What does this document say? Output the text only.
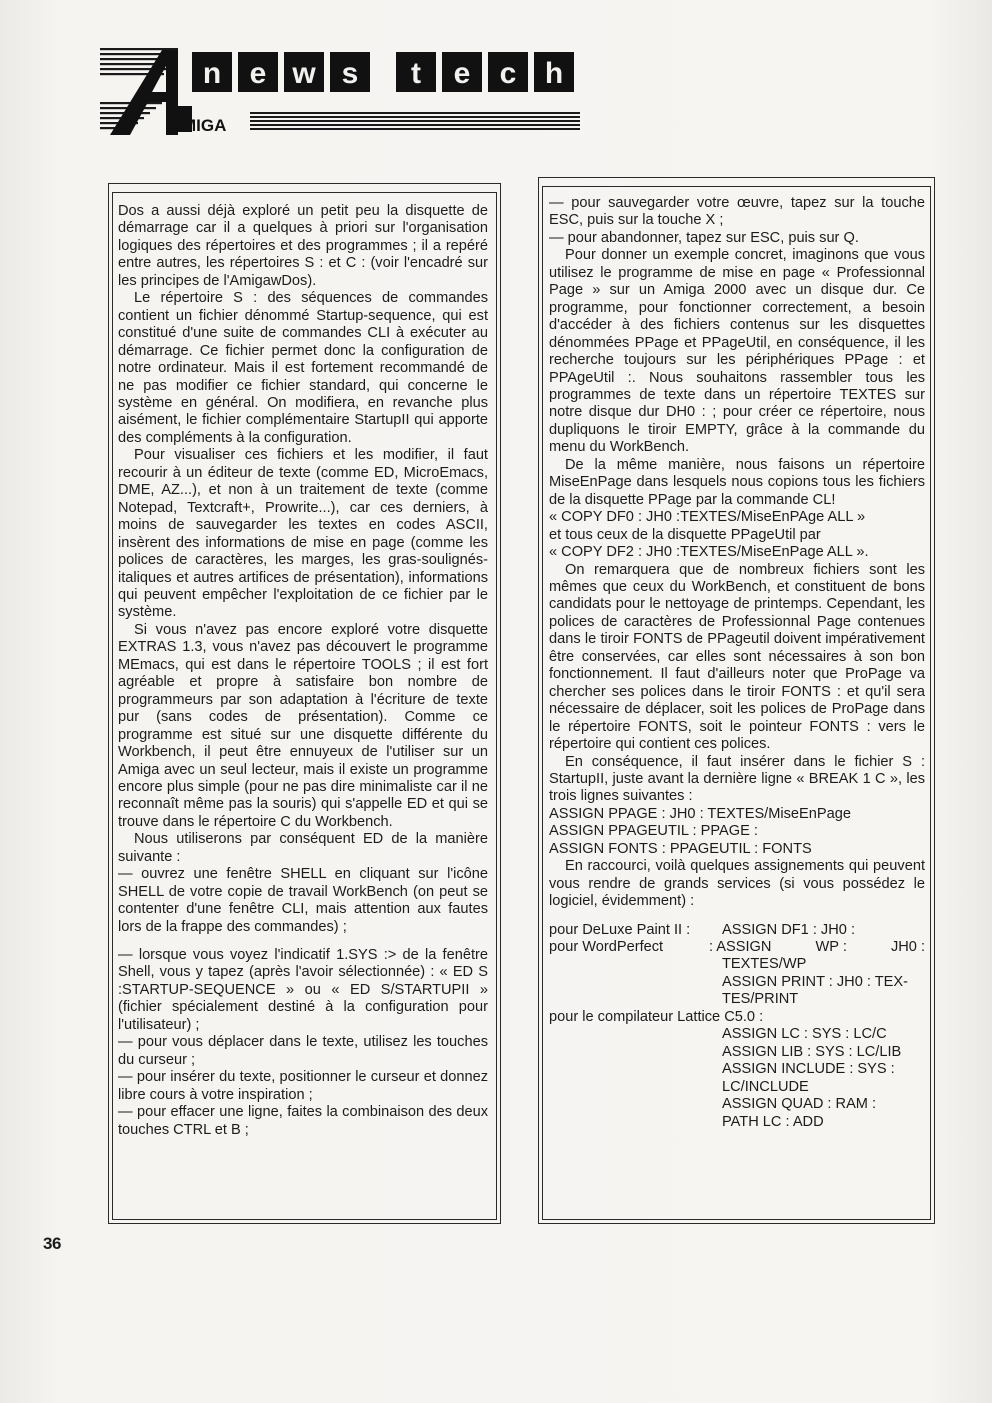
MIGA
n e w s t e c h

Dos a aussi déjà exploré un petit peu la disquette de démarrage car il a quelques à priori sur l'organisation logiques des répertoires et des programmes ; il a repéré entre autres, les répertoires S : et C : (voir l'encadré sur les principes de l'AmigawDos).

Le répertoire S : des séquences de commandes contient un fichier dénommé Startup-sequence, qui est constitué d'une suite de commandes CLI à exécuter au démarrage. Ce fichier permet donc la configuration de notre ordinateur. Mais il est fortement recommandé de ne pas modifier ce fichier standard, qui concerne le système en général. On modifiera, en revanche plus aisément, le fichier complémentaire StartupII qui apporte des compléments à la configuration.

Pour visualiser ces fichiers et les modifier, il faut recourir à un éditeur de texte (comme ED, MicroEmacs, DME, AZ...), et non à un traitement de texte (comme Notepad, Textcraft+, Prowrite...), car ces derniers, à moins de sauvegarder les textes en codes ASCII, insèrent des informations de mise en page (comme les polices de caractères, les marges, les gras-soulignés-italiques et autres artifices de présentation), informations qui peuvent empêcher l'exploitation de ce fichier par le système.

Si vous n'avez pas encore exploré votre disquette EXTRAS 1.3, vous n'avez pas découvert le programme MEmacs, qui est dans le répertoire TOOLS ; il est fort agréable et propre à satisfaire bon nombre de programmeurs par son adaptation à l'écriture de texte pur (sans codes de présentation). Comme ce programme est situé sur une disquette différente du Workbench, il peut être ennuyeux de l'utiliser sur un Amiga avec un seul lecteur, mais il existe un programme encore plus simple (pour ne pas dire minimaliste car il ne reconnaît même pas la souris) qui s'appelle ED et qui se trouve dans le répertoire C du Workbench.

Nous utiliserons par conséquent ED de la manière suivante :

— ouvrez une fenêtre SHELL en cliquant sur l'icône SHELL de votre copie de travail WorkBench (on peut se contenter d'une fenêtre CLI, mais attention aux fautes lors de la frappe des commandes) ;

— lorsque vous voyez l'indicatif 1.SYS :> de la fenêtre Shell, vous y tapez (après l'avoir sélectionnée) : « ED S :STARTUP-SEQUENCE » ou « ED S/STARTUPII » (fichier spécialement destiné à la configuration pour l'utilisateur) ;

— pour vous déplacer dans le texte, utilisez les touches du curseur ;

— pour insérer du texte, positionner le curseur et donnez libre cours à votre inspiration ;

— pour effacer une ligne, faites la combinaison des deux touches CTRL et B ;

— pour sauvegarder votre œuvre, tapez sur la touche ESC, puis sur la touche X ;

— pour abandonner, tapez sur ESC, puis sur Q.

Pour donner un exemple concret, imaginons que vous utilisez le programme de mise en page « Professionnal Page » sur un Amiga 2000 avec un disque dur. Ce programme, pour fonctionner correctement, a besoin d'accéder à des fichiers contenus sur les disquettes dénommées PPage et PPageUtil, en conséquence, il les recherche toujours sur les périphériques PPage : et PPAgeUtil :. Nous souhaitons rassembler tous les programmes de texte dans un répertoire TEXTES sur notre disque dur DH0 : ; pour créer ce répertoire, nous dupliquons le tiroir EMPTY, grâce à la commande du menu du WorkBench.

De la même manière, nous faisons un répertoire MiseEnPage dans lesquels nous copions tous les fichiers de la disquette PPage par la commande CL!

« COPY DF0 : JH0 :TEXTES/MiseEnPAge ALL »

et tous ceux de la disquette PPageUtil par

« COPY DF2 : JH0 :TEXTES/MiseEnPage ALL ».

On remarquera que de nombreux fichiers sont les mêmes que ceux du WorkBench, et constituent de bons candidats pour le nettoyage de printemps. Cependant, les polices de caractères de Professionnal Page contenues dans le tiroir FONTS de PPageutil doivent impérativement être conservées, car elles sont nécessaires à son bon fonctionnement. Il faut d'ailleurs noter que ProPage va chercher ses polices dans le tiroir FONTS : et qu'il sera nécessaire de déplacer, soit les polices de ProPage dans le répertoire FONTS, soit le pointeur FONTS : vers le répertoire qui contient ces polices.

En conséquence, il faut insérer dans le fichier S : StartupII, juste avant la dernière ligne « BREAK 1 C », les trois lignes suivantes :

ASSIGN PPAGE : JH0 : TEXTES/MiseEnPage

ASSIGN PPAGEUTIL : PPAGE :

ASSIGN FONTS : PPAGEUTIL : FONTS

En raccourci, voilà quelques assignements qui peuvent vous rendre de grands services (si vous possédez le logiciel, évidemment) :

pour DeLuxe Paint II :	ASSIGN DF1 : JH0 :
pour WordPerfect	: ASSIGN	WP :	JH0 :
TEXTES/WP
ASSIGN PRINT : JH0 : TEX-
TES/PRINT
pour le compilateur Lattice C5.0 :
ASSIGN LC : SYS : LC/C
ASSIGN LIB : SYS : LC/LIB
ASSIGN INCLUDE : SYS :
LC/INCLUDE
ASSIGN QUAD : RAM :
PATH LC : ADD
36
